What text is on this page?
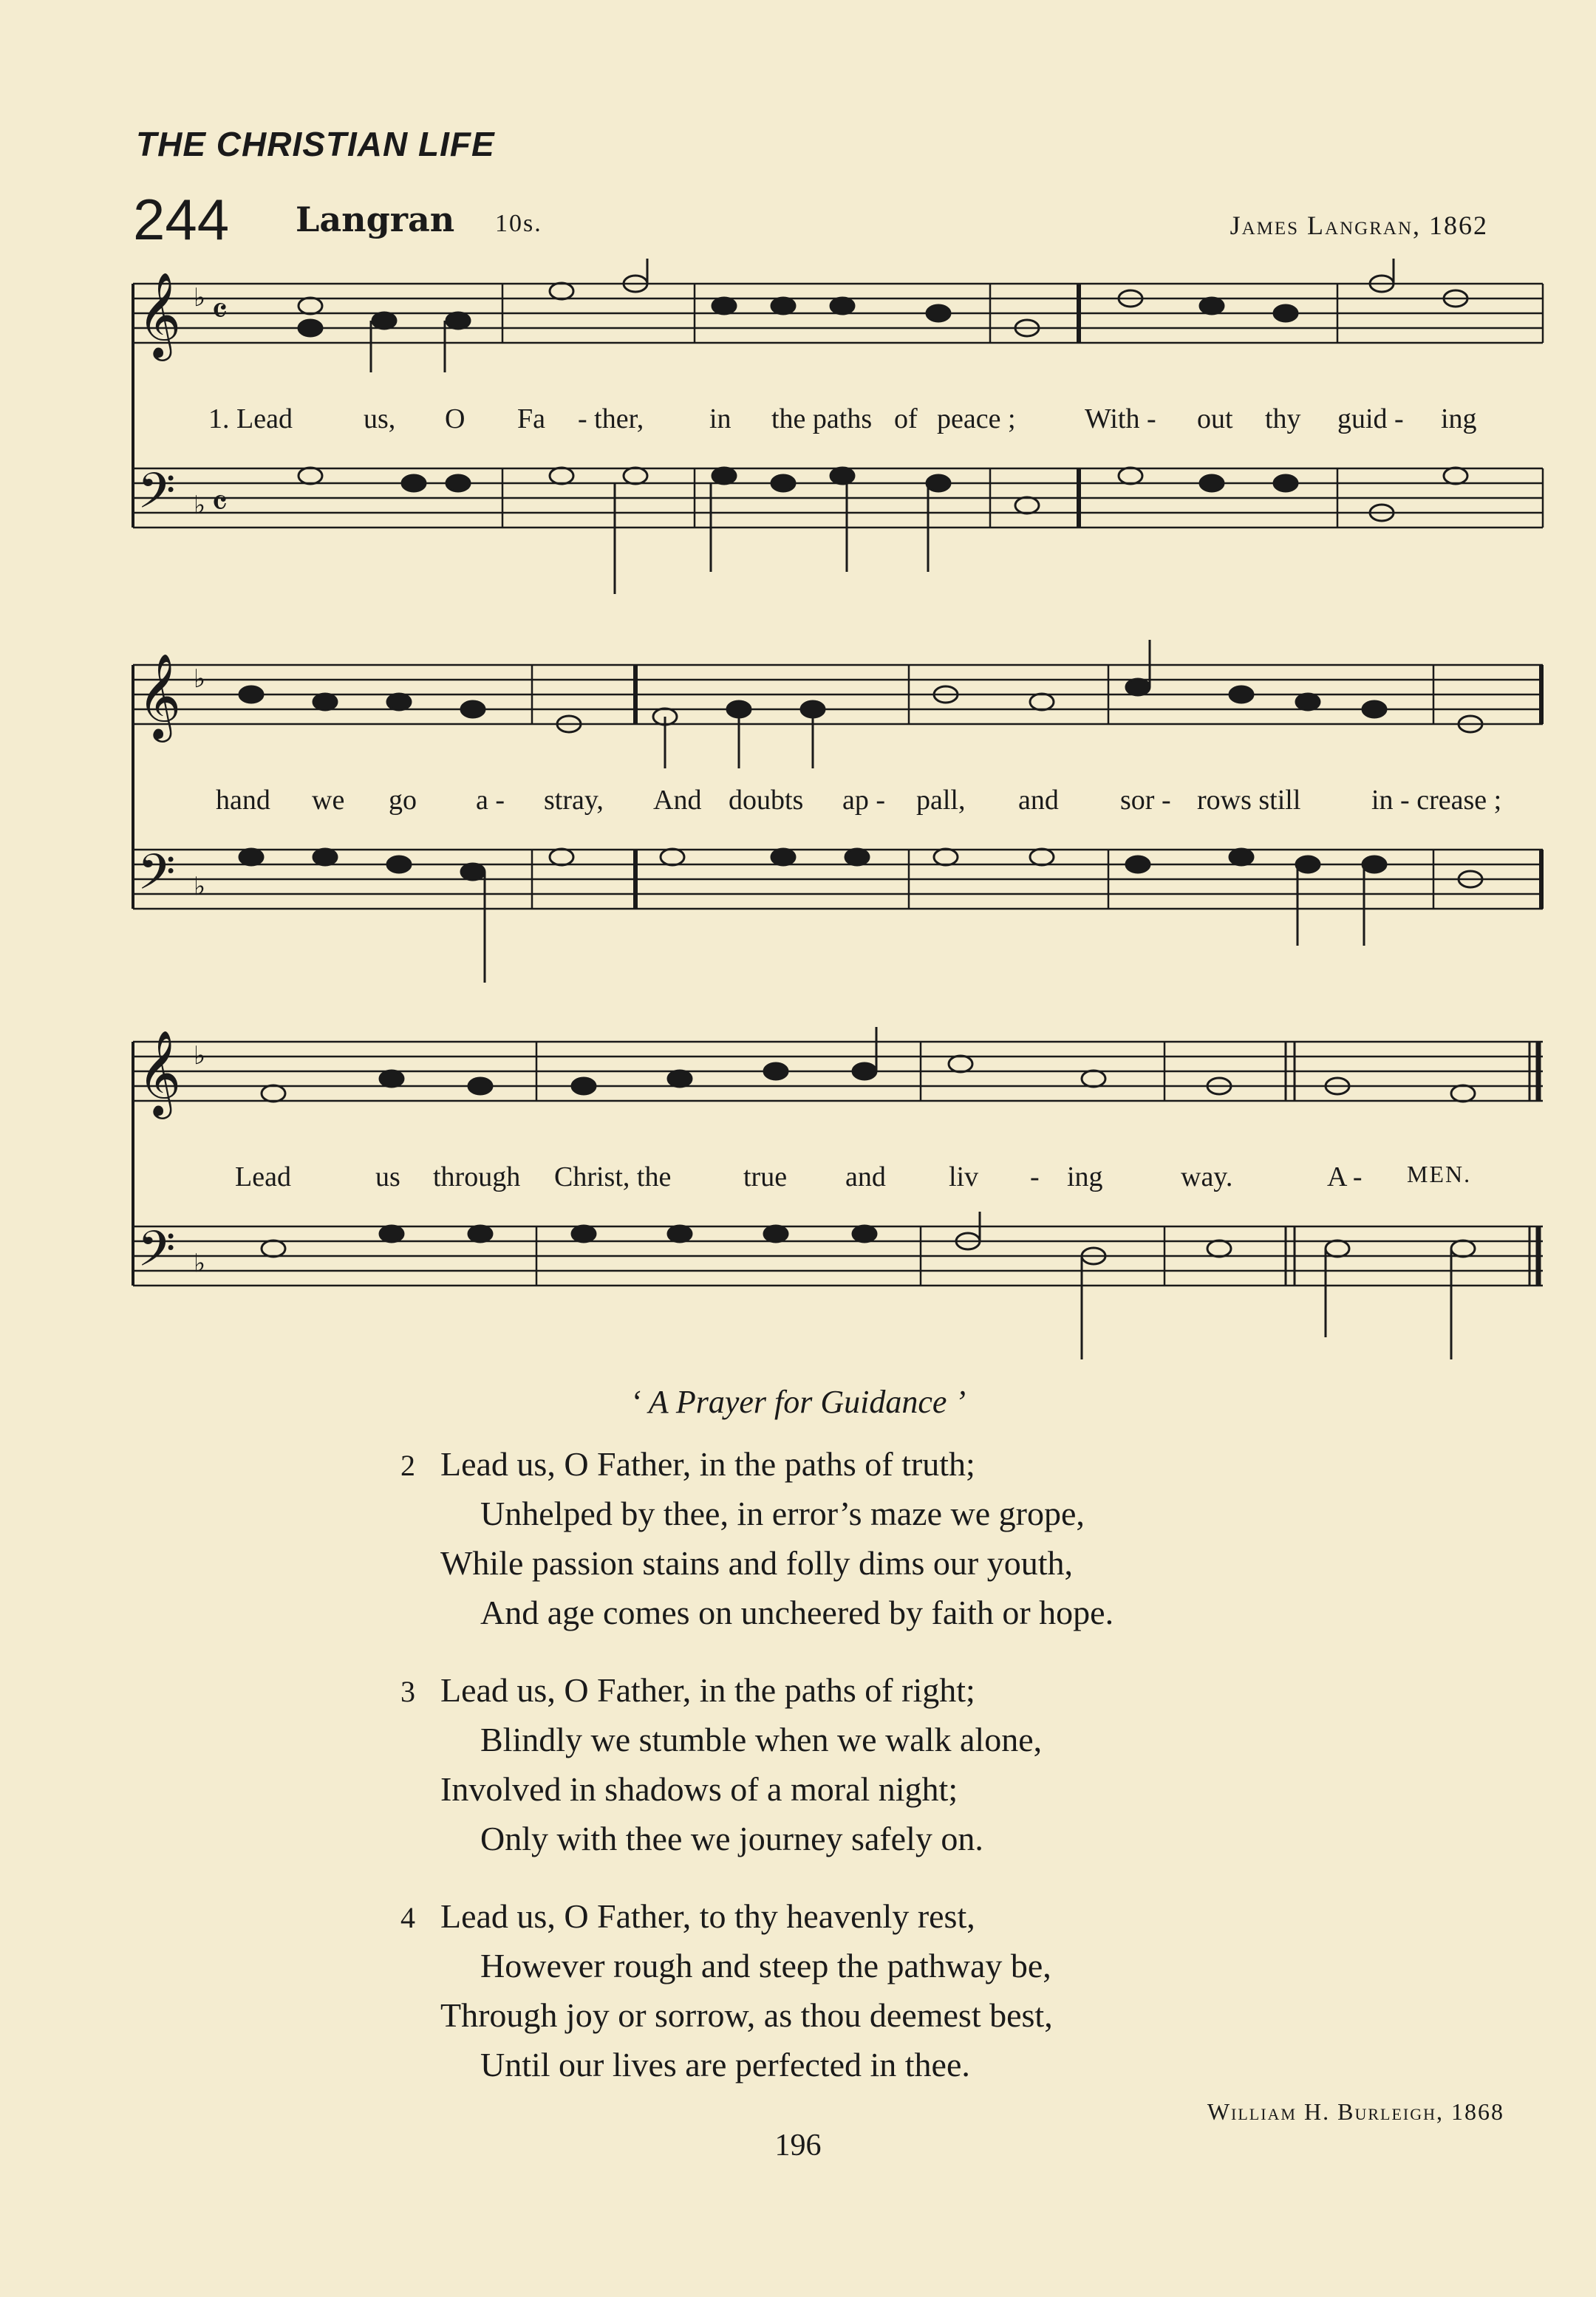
THE CHRISTIAN LIFE
244 Langran 10s.	James Langran, 1862
𝄞
𝄢
♭
♭
𝄴
𝄴
1. Lead	us, O Fa - ther, in the paths of peace ; With - out thy guid - ing
𝄞
𝄢
♭
♭
hand we go a - stray, And doubts ap - pall, and sor - rows still	in - crease ;
𝄞
𝄢
♭
♭
Lead	us through Christ, the	true and liv - ing	way.	A - MEN.
‘ A Prayer for Guidance ’
2 Lead us, O Father, in the paths of truth;
Unhelped by thee, in error’s maze we grope,
While passion stains and folly dims our youth,
And age comes on uncheered by faith or hope.
3 Lead us, O Father, in the paths of right;
Blindly we stumble when we walk alone,
Involved in shadows of a moral night;
Only with thee we journey safely on.
4 Lead us, O Father, to thy heavenly rest,
However rough and steep the pathway be,
Through joy or sorrow, as thou deemest best,
Until our lives are perfected in thee.
William H. Burleigh, 1868
196
